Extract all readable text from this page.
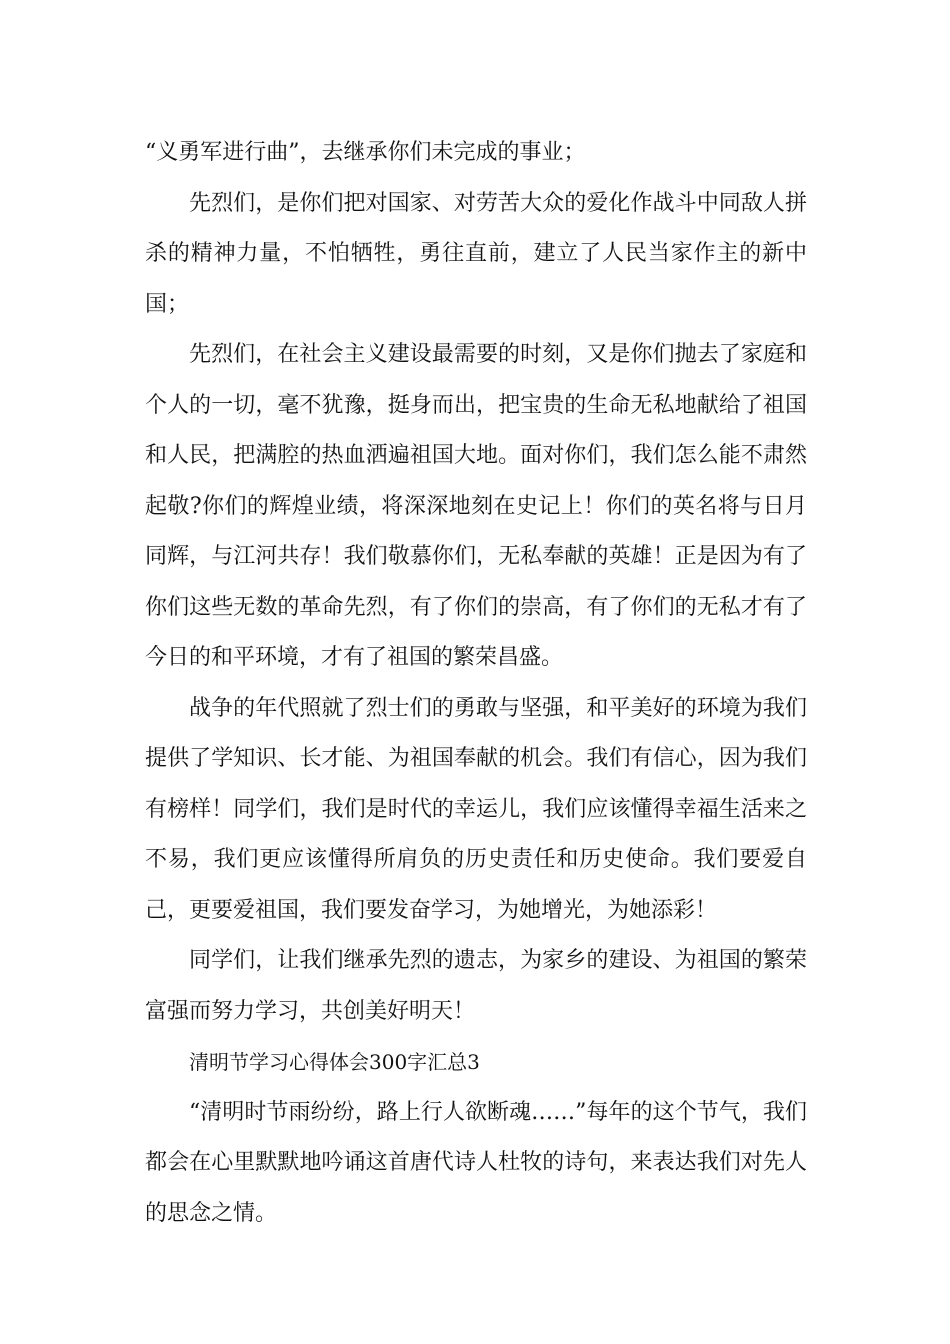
“义勇军进行曲”，去继承你们未完成的事业；

先烈们，是你们把对国家、对劳苦大众的爱化作战斗中同敌人拼杀的精神力量，不怕牺牲，勇往直前，建立了人民当家作主的新中国；

先烈们，在社会主义建设最需要的时刻，又是你们抛去了家庭和个人的一切，毫不犹豫，挺身而出，把宝贵的生命无私地献给了祖国和人民，把满腔的热血洒遍祖国大地。面对你们，我们怎么能不肃然起敬?你们的辉煌业绩，将深深地刻在史记上！你们的英名将与日月同辉，与江河共存！我们敬慕你们，无私奉献的英雄！正是因为有了你们这些无数的革命先烈，有了你们的崇高，有了你们的无私才有了今日的和平环境，才有了祖国的繁荣昌盛。

战争的年代照就了烈士们的勇敢与坚强，和平美好的环境为我们提供了学知识、长才能、为祖国奉献的机会。我们有信心，因为我们有榜样！同学们，我们是时代的幸运儿，我们应该懂得幸福生活来之不易，我们更应该懂得所肩负的历史责任和历史使命。我们要爱自己，更要爱祖国，我们要发奋学习，为她增光，为她添彩！

同学们，让我们继承先烈的遗志，为家乡的建设、为祖国的繁荣富强而努力学习，共创美好明天！

清明节学习心得体会300字汇总3

“清明时节雨纷纷，路上行人欲断魂……”每年的这个节气，我们都会在心里默默地吟诵这首唐代诗人杜牧的诗句，来表达我们对先人的思念之情。
